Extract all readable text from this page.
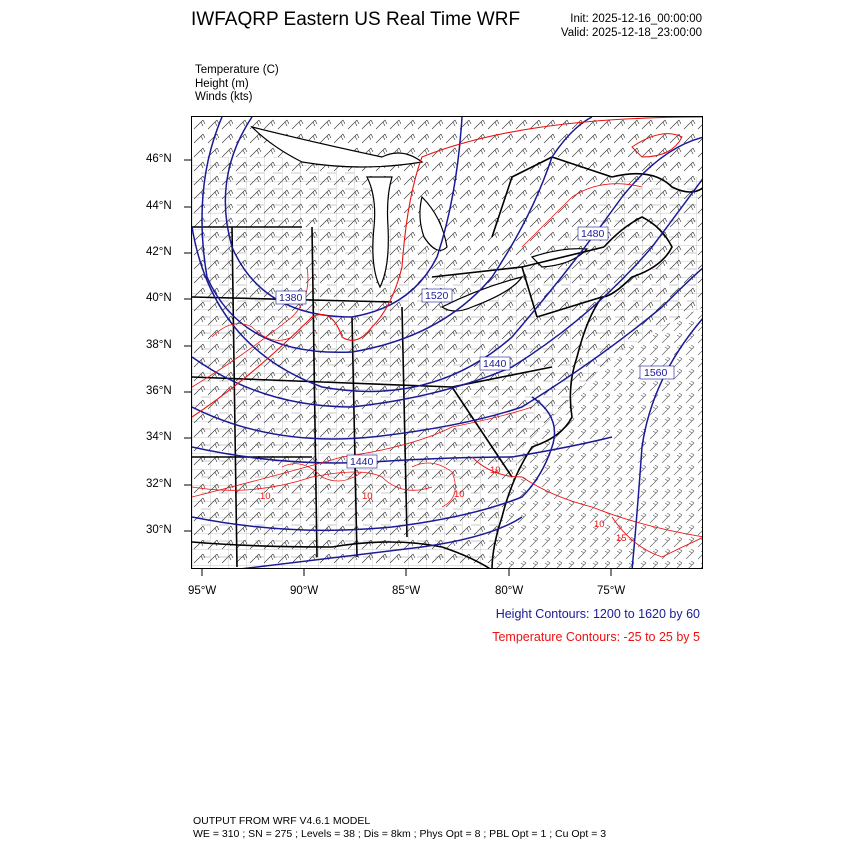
IWFAQRP Eastern US Real Time WRF	Init: 2025-12-16_00:00:00
Valid: 2025-12-18_23:00:00
Temperature (C)
Height (m)
Winds (kts)
46°N
44°N
42°N
40°N
38°N
36°N
34°N
32°N
30°N
95°W	90°W	85°W	80°W	75°W
1380	1520
1440
1560
1440
1480
10	10	10
10
10
15
Height Contours: 1200 to 1620 by 60
Temperature Contours: -25 to 25 by 5
OUTPUT FROM WRF V4.6.1 MODEL
WE = 310 ; SN = 275 ; Levels = 38 ; Dis = 8km ; Phys Opt = 8 ; PBL Opt = 1 ; Cu Opt = 3
